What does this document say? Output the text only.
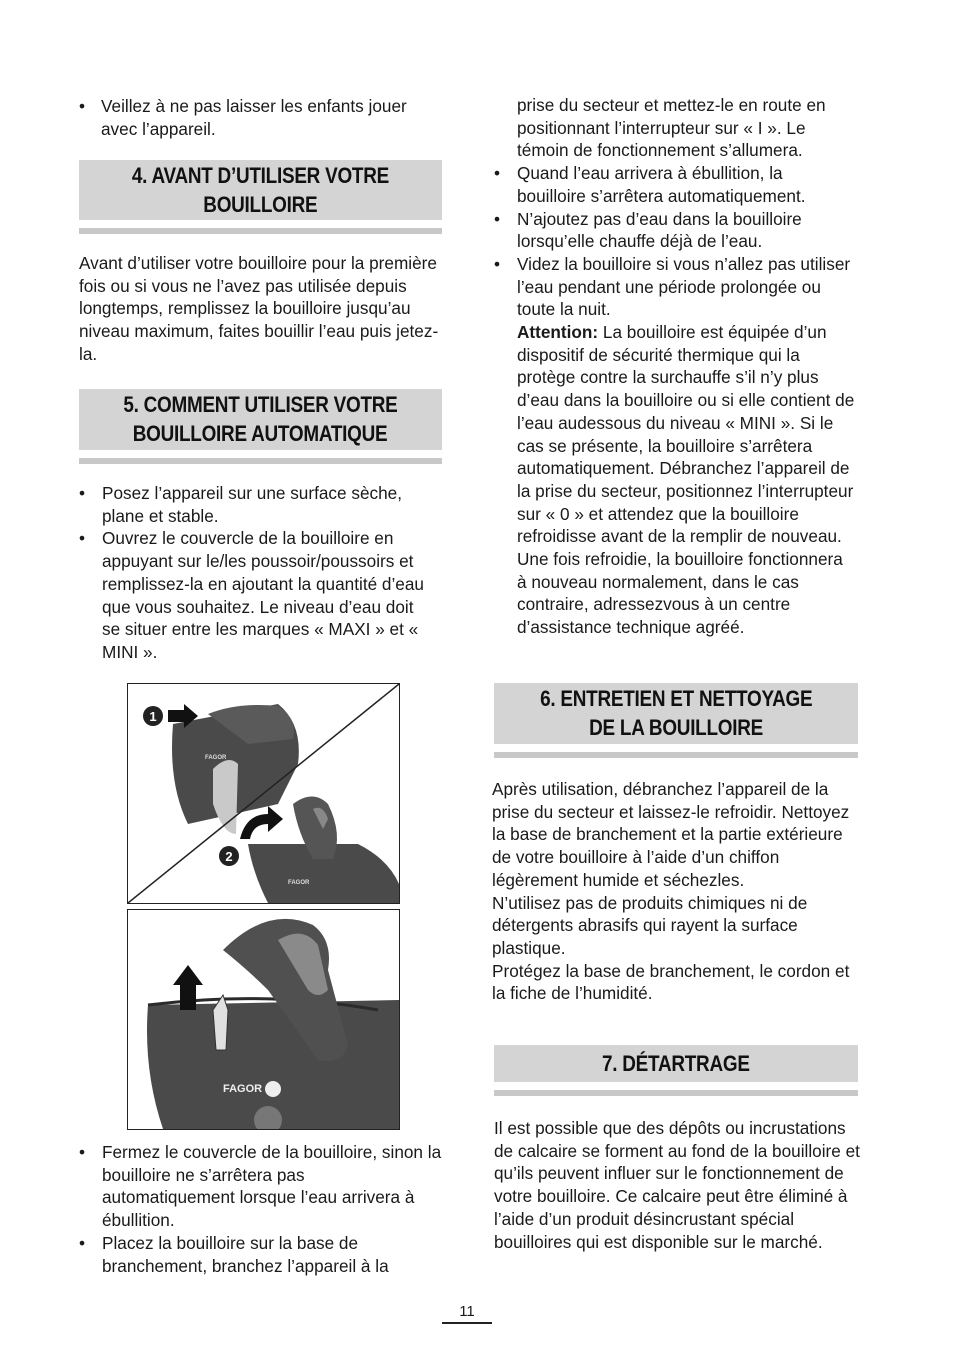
• Veillez à ne pas laisser les enfants jouer avec l’appareil.

4. AVANT D’UTILISER VOTRE
BOUILLOIRE

Avant d’utiliser votre bouilloire pour la première fois ou si vous ne l’avez pas utilisée depuis longtemps, remplissez la bouilloire jusqu’au niveau maximum, faites bouillir l’eau puis jetez-la.

5. COMMENT UTILISER VOTRE
BOUILLOIRE AUTOMATIQUE

• Posez l’appareil sur une surface sèche, plane et stable.

• Ouvrez le couvercle de la bouilloire en appuyant sur le/les poussoir/poussoirs et remplissez-la en ajoutant la quantité d’eau que vous souhaitez. Le niveau d’eau doit se situer entre les marques « MAXI » et « MINI ».

FAGOR
FAGOR
1
2
FAGOR

• Fermez le couvercle de la bouilloire, sinon la bouilloire ne s’arrêtera pas automatiquement lorsque l’eau arrivera à ébullition.

• Placez la bouilloire sur la base de branchement, branchez l’appareil à la

prise du secteur et mettez-le en route en positionnant l’interrupteur sur « I ». Le témoin de fonctionnement s’allumera.

• Quand l’eau arrivera à ébullition, la bouilloire s’arrêtera automatiquement.

• N’ajoutez pas d’eau dans la bouilloire lorsqu’elle chauffe déjà de l’eau.

• Videz la bouilloire si vous n’allez pas utiliser l’eau pendant une période prolongée ou toute la nuit.

Attention: La bouilloire est équipée d’un dispositif de sécurité thermique qui la protège contre la surchauffe s’il n’y plus d’eau dans la bouilloire ou si elle contient de l’eau audessous du niveau « MINI ». Si le cas se présente, la bouilloire s’arrêtera automatiquement. Débranchez l’appareil de la prise du secteur, positionnez l’interrupteur sur « 0 » et attendez que la bouilloire refroidisse avant de la remplir de nouveau. Une fois refroidie, la bouilloire fonctionnera à nouveau normalement, dans le cas contraire, adressezvous à un centre d’assistance technique agréé.

6. ENTRETIEN ET NETTOYAGE
DE LA BOUILLOIRE

Après utilisation, débranchez l’appareil de la prise du secteur et laissez-le refroidir. Nettoyez la base de branchement et la partie extérieure de votre bouilloire à l’aide d’un chiffon légèrement humide et séchezles.

N’utilisez pas de produits chimiques ni de détergents abrasifs qui rayent la surface plastique.

Protégez la base de branchement, le cordon et la fiche de l’humidité.

7. DÉTARTRAGE

Il est possible que des dépôts ou incrustations de calcaire se forment au fond de la bouilloire et qu’ils peuvent influer sur le fonctionnement de votre bouilloire. Ce calcaire peut être éliminé à l’aide d’un produit désincrustant spécial bouilloires qui est disponible sur le marché.

11
